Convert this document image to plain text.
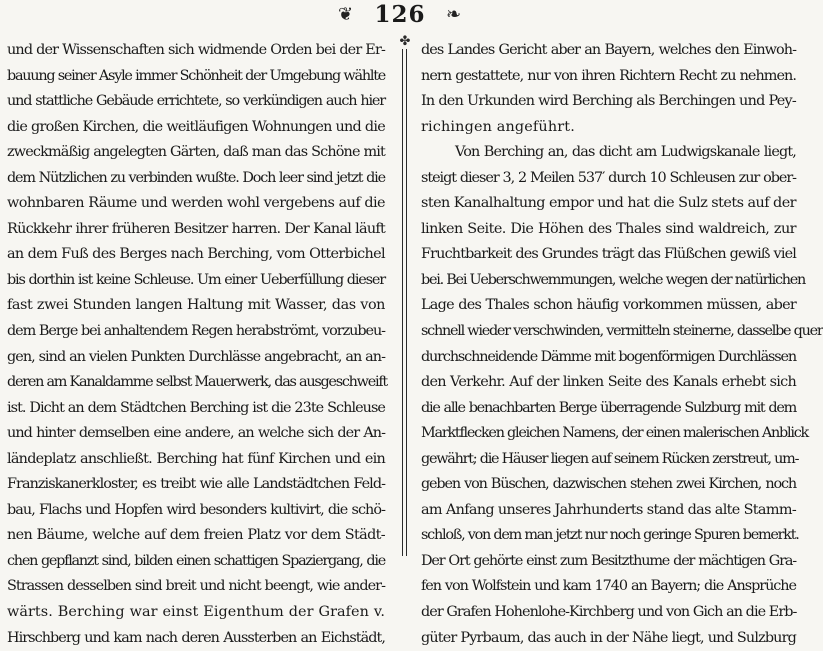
❦ 126	❧
und der Wissenschaften sich widmende Orden bei der Er-
bauung seiner Asyle immer Schönheit der Umgebung wählte
und stattliche Gebäude errichtete, so verkündigen auch hier
die großen Kirchen, die weitläufigen Wohnungen und die
zweckmäßig angelegten Gärten, daß man das Schöne mit
dem Nützlichen zu verbinden wußte. Doch leer sind jetzt die
wohnbaren Räume und werden wohl vergebens auf die
Rückkehr ihrer früheren Besitzer harren. Der Kanal läuft
an dem Fuß des Berges nach Berching, vom Otterbichel
bis dorthin ist keine Schleuse. Um einer Ueberfüllung dieser
fast zwei Stunden langen Haltung mit Wasser, das von
dem Berge bei anhaltendem Regen herabströmt, vorzubeu-
gen, sind an vielen Punkten Durchlässe angebracht, an an-
deren am Kanaldamme selbst Mauerwerk, das ausgeschweift
ist. Dicht an dem Städtchen Berching ist die 23te Schleuse
und hinter demselben eine andere, an welche sich der An-
ländeplatz anschließt. Berching hat fünf Kirchen und ein
Franziskanerkloster, es treibt wie alle Landstädtchen Feld-
bau, Flachs und Hopfen wird besonders kultivirt, die schö-
nen Bäume, welche auf dem freien Platz vor dem Städt-
chen gepflanzt sind, bilden einen schattigen Spaziergang, die
Strassen desselben sind breit und nicht beengt, wie ander-
wärts. Berching war einst Eigenthum der Grafen v.
Hirschberg und kam nach deren Aussterben an Eichstädt,
✤
des Landes Gericht aber an Bayern, welches den Einwoh-
nern gestattete, nur von ihren Richtern Recht zu nehmen.
In den Urkunden wird Berching als Berchingen und Pey-
richingen angeführt.
Von Berching an, das dicht am Ludwigskanale liegt,
steigt dieser 3, 2 Meilen 537′ durch 10 Schleusen zur ober-
sten Kanalhaltung empor und hat die Sulz stets auf der
linken Seite. Die Höhen des Thales sind waldreich, zur
Fruchtbarkeit des Grundes trägt das Flüßchen gewiß viel
bei. Bei Ueberschwemmungen, welche wegen der natürlichen
Lage des Thales schon häufig vorkommen müssen, aber
schnell wieder verschwinden, vermitteln steinerne, dasselbe quer
durchschneidende Dämme mit bogenförmigen Durchlässen
den Verkehr. Auf der linken Seite des Kanals erhebt sich
die alle benachbarten Berge überragende Sulzburg mit dem
Marktflecken gleichen Namens, der einen malerischen Anblick
gewährt; die Häuser liegen auf seinem Rücken zerstreut, um-
geben von Büschen, dazwischen stehen zwei Kirchen, noch
am Anfang unseres Jahrhunderts stand das alte Stamm-
schloß, von dem man jetzt nur noch geringe Spuren bemerkt.
Der Ort gehörte einst zum Besitzthume der mächtigen Gra-
fen von Wolfstein und kam 1740 an Bayern; die Ansprüche
der Grafen Hohenlohe-Kirchberg und von Gich an die Erb-
güter Pyrbaum, das auch in der Nähe liegt, und Sulzburg
